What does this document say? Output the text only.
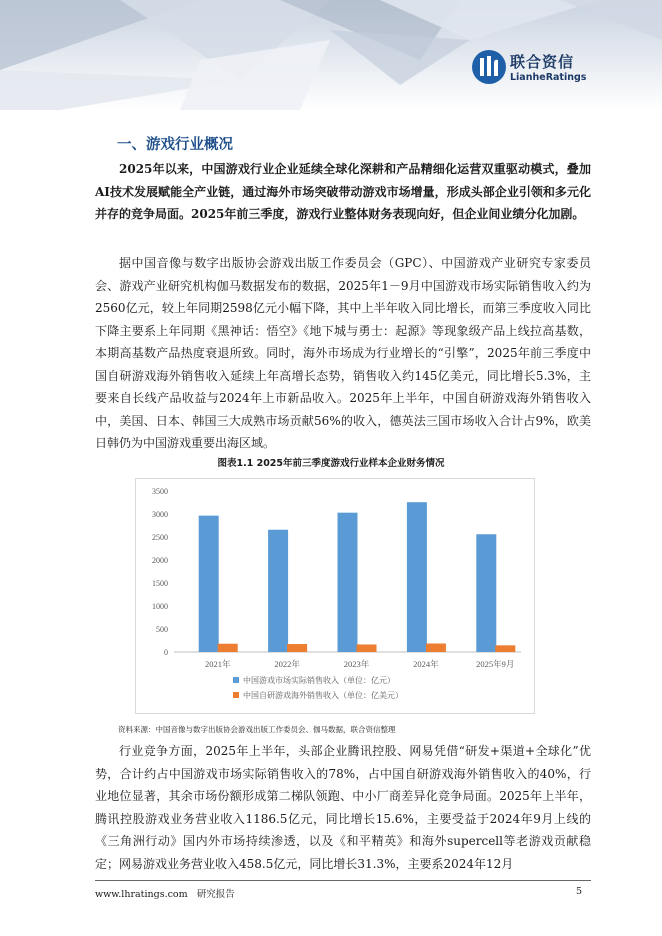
联合资信
LianheRatings
一、游戏行业概况

2025年以来，中国游戏行业企业延续全球化深耕和产品精细化运营双重驱动模式，叠加AI技术发展赋能全产业链，通过海外市场突破带动游戏市场增量，形成头部企业引领和多元化并存的竞争局面。2025年前三季度，游戏行业整体财务表现向好，但企业间业绩分化加剧。

据中国音像与数字出版协会游戏出版工作委员会（GPC）、中国游戏产业研究专家委员会、游戏产业研究机构伽马数据发布的数据，2025年1－9月中国游戏市场实际销售收入约为2560亿元，较上年同期2598亿元小幅下降，其中上半年收入同比增长，而第三季度收入同比下降主要系上年同期《黑神话：悟空》《地下城与勇士：起源》等现象级产品上线拉高基数，本期高基数产品热度衰退所致。同时，海外市场成为行业增长的“引擎”，2025年前三季度中国自研游戏海外销售收入延续上年高增长态势，销售收入约145亿美元，同比增长5.3%，主要来自长线产品收益与2024年上市新品收入。2025年上半年，中国自研游戏海外销售收入中，美国、日本、韩国三大成熟市场贡献56%的收入，德英法三国市场收入合计占9%，欧美日韩仍为中国游戏重要出海区域。

图表1.1 2025年前三季度游戏行业样本企业财务情况
0
500
1000
1500
2000
2500
3000
3500
2021年	2022年	2023年	2024年	2025年9月
中国游戏市场实际销售收入（单位：亿元）
中国自研游戏海外销售收入（单位：亿美元）
资料来源：中国音像与数字出版协会游戏出版工作委员会、伽马数据，联合资信整理

行业竞争方面，2025年上半年，头部企业腾讯控股、网易凭借“研发+渠道+全球化”优势，合计约占中国游戏市场实际销售收入的78%，占中国自研游戏海外销售收入的40%，行业地位显著，其余市场份额形成第二梯队领跑、中小厂商差异化竞争局面。2025年上半年，腾讯控股游戏业务营业收入1186.5亿元，同比增长15.6%，主要受益于2024年9月上线的《三角洲行动》国内外市场持续渗透，以及《和平精英》和海外supercell等老游戏贡献稳定；网易游戏业务营业收入458.5亿元，同比增长31.3%，主要系2024年12月

www.lhratings.com 研究报告	5
